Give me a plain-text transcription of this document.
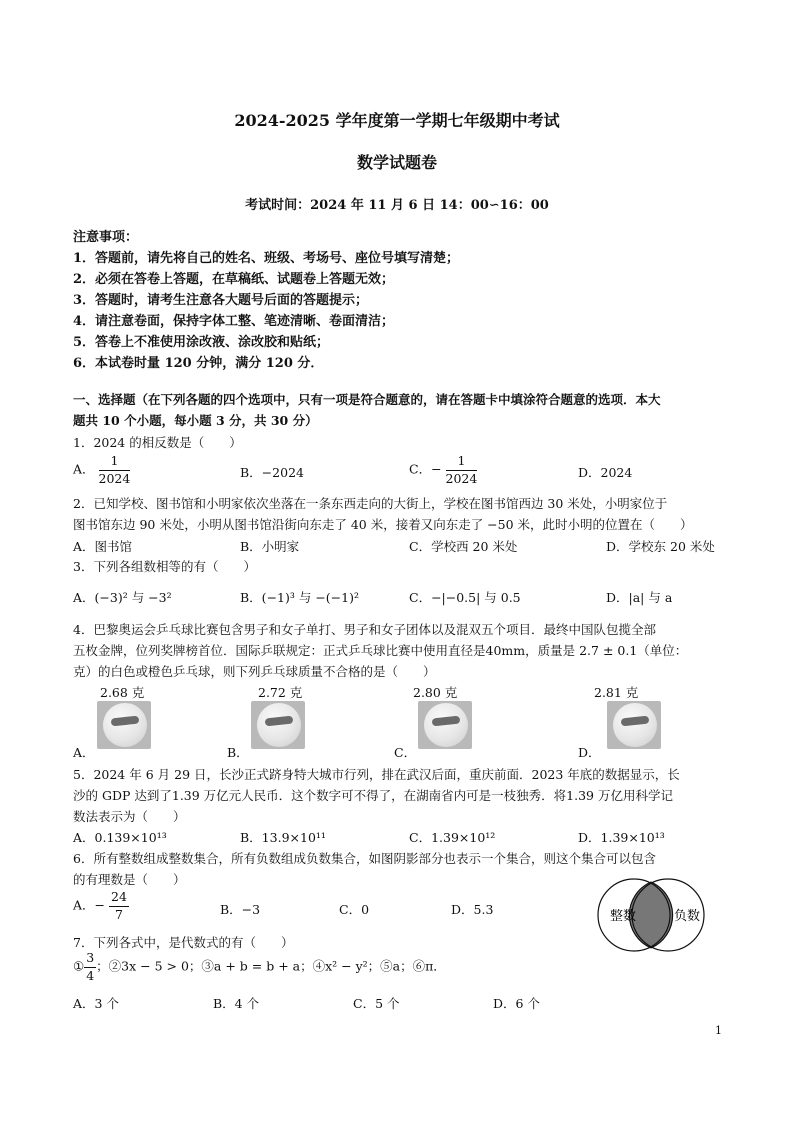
2024-2025 学年度第一学期七年级期中考试
数学试题卷
考试时间：2024 年 11 月 6 日 14：00∽16：00
注意事项：
1．答题前，请先将自己的姓名、班级、考场号、座位号填写清楚；
2．必须在答卷上答题，在草稿纸、试题卷上答题无效；
3．答题时，请考生注意各大题号后面的答题提示；
4．请注意卷面，保持字体工整、笔迹清晰、卷面清洁；
5．答卷上不准使用涂改液、涂改胶和贴纸；
6．本试卷时量 120 分钟，满分 120 分．
一、选择题（在下列各题的四个选项中，只有一项是符合题意的，请在答题卡中填涂符合题意的选项．本大
题共 10 个小题，每小题 3 分，共 30 分）
1．2024 的相反数是（　　）
A． $\frac{1}{2024}$	B．−2024	C．− $\frac{1}{2024}$	D．2024
2．已知学校、图书馆和小明家依次坐落在一条东西走向的大街上，学校在图书馆西边 30 米处，小明家位于
图书馆东边 90 米处，小明从图书馆沿街向东走了 40 米，接着又向东走了 −50 米，此时小明的位置在（　　）
A．图书馆	B．小明家	C．学校西 20 米处	D．学校东 20 米处
3．下列各组数相等的有（　　）
A．(−3)² 与 −3²	B．(−1)³ 与 −(−1)²	C．−|−0.5| 与 0.5	D．|a| 与 a
4．巴黎奥运会乒乓球比赛包含男子和女子单打、男子和女子团体以及混双五个项目．最终中国队包揽全部
五枚金牌，位列奖牌榜首位．国际乒联规定：正式乒乓球比赛中使用直径是40mm，质量是 2.7 ± 0.1（单位：
克）的白色或橙色乒乓球，则下列乒乓球质量不合格的是（　　）
2.68 克	2.72 克	2.80 克	2.81 克
A．	B．	C．	D．
5．2024 年 6 月 29 日，长沙正式跻身特大城市行列，排在武汉后面，重庆前面．2023 年底的数据显示，长
沙的 GDP 达到了1.39 万亿元人民币．这个数字可不得了，在湖南省内可是一枝独秀．将1.39 万亿用科学记
数法表示为（　　）
A．0.139×10¹³	B．13.9×10¹¹	C．1.39×10¹²	D．1.39×10¹³
6．所有整数组成整数集合，所有负数组成负数集合，如图阴影部分也表示一个集合，则这个集合可以包含
的有理数是（　　）
A．− $\frac{24}{7}$	B．−3	C．0	D．5.3	整数	负数
7．下列各式中，是代数式的有（　　）
① $\frac{3}{4}$ ；②3x − 5 > 0；③a + b = b + a；④x² − y²；⑤a；⑥π．
A．3 个	B．4 个	C．5 个	D．6 个
1
